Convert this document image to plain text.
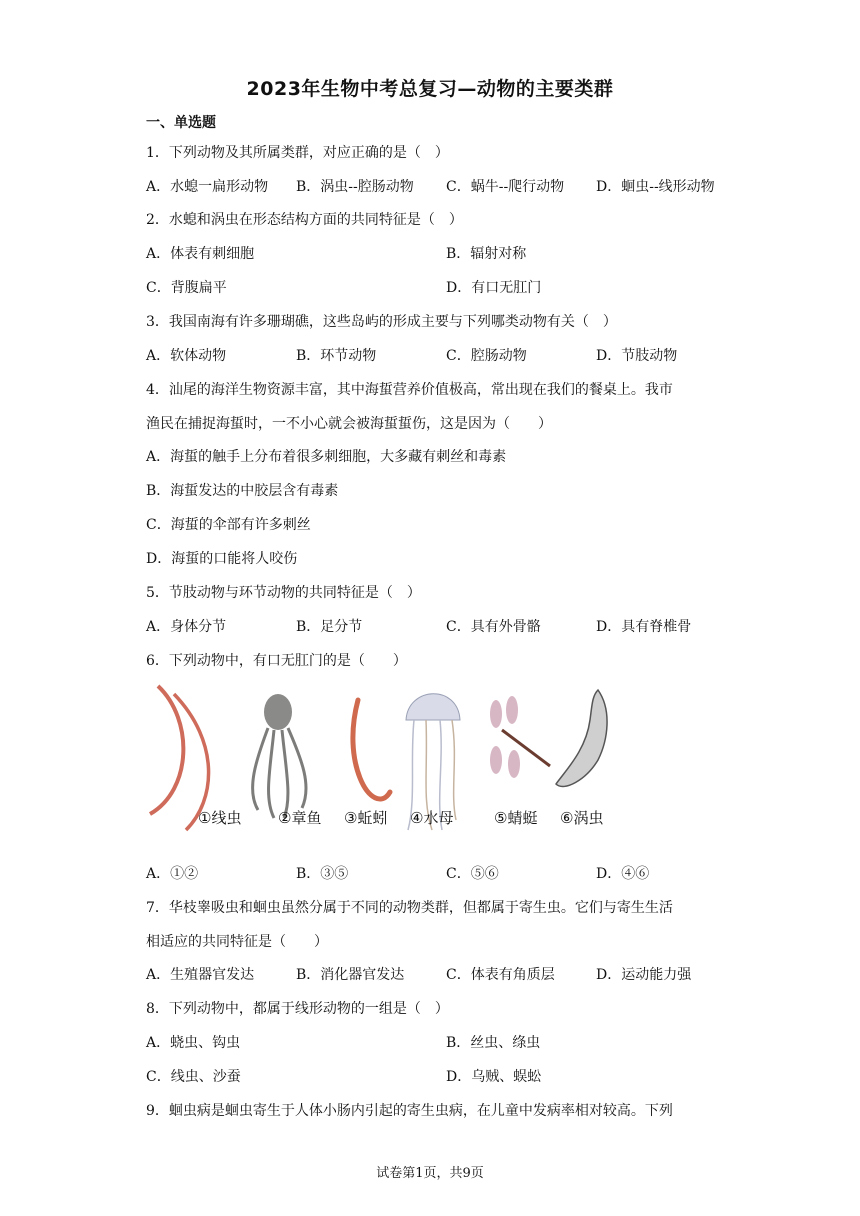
2023年生物中考总复习—动物的主要类群
一、单选题
1．下列动物及其所属类群，对应正确的是（　）
A．水螅一扁形动物 B．涡虫--腔肠动物 C．蜗牛--爬行动物 D．蛔虫--线形动物
2．水螅和涡虫在形态结构方面的共同特征是（　）
A．体表有刺细胞	B．辐射对称
C．背腹扁平	D．有口无肛门
3．我国南海有许多珊瑚礁，这些岛屿的形成主要与下列哪类动物有关（　）
A．软体动物	B．环节动物	C．腔肠动物	D．节肢动物
4．汕尾的海洋生物资源丰富，其中海蜇营养价值极高，常出现在我们的餐桌上。我市
渔民在捕捉海蜇时，一不小心就会被海蜇蜇伤，这是因为（　　）
A．海蜇的触手上分布着很多刺细胞，大多藏有刺丝和毒素
B．海蜇发达的中胶层含有毒素
C．海蜇的伞部有许多刺丝
D．海蜇的口能将人咬伤
5．节肢动物与环节动物的共同特征是（　）
A．身体分节	B．足分节	C．具有外骨骼	D．具有脊椎骨
6．下列动物中，有口无肛门的是（　　）
①线虫 ②章鱼 ③蚯蚓 ④水母	⑤蜻蜓 ⑥涡虫
A．①②	B．③⑤	C．⑤⑥	D．④⑥
7．华枝睾吸虫和蛔虫虽然分属于不同的动物类群，但都属于寄生虫。它们与寄生生活
相适应的共同特征是（　　）
A．生殖器官发达	B．消化器官发达	C．体表有角质层	D．运动能力强
8．下列动物中，都属于线形动物的一组是（　）
A．蛲虫、钩虫	B．丝虫、绦虫
C．线虫、沙蚕	D．乌贼、蜈蚣
9．蛔虫病是蛔虫寄生于人体小肠内引起的寄生虫病，在儿童中发病率相对较高。下列
试卷第1页，共9页
